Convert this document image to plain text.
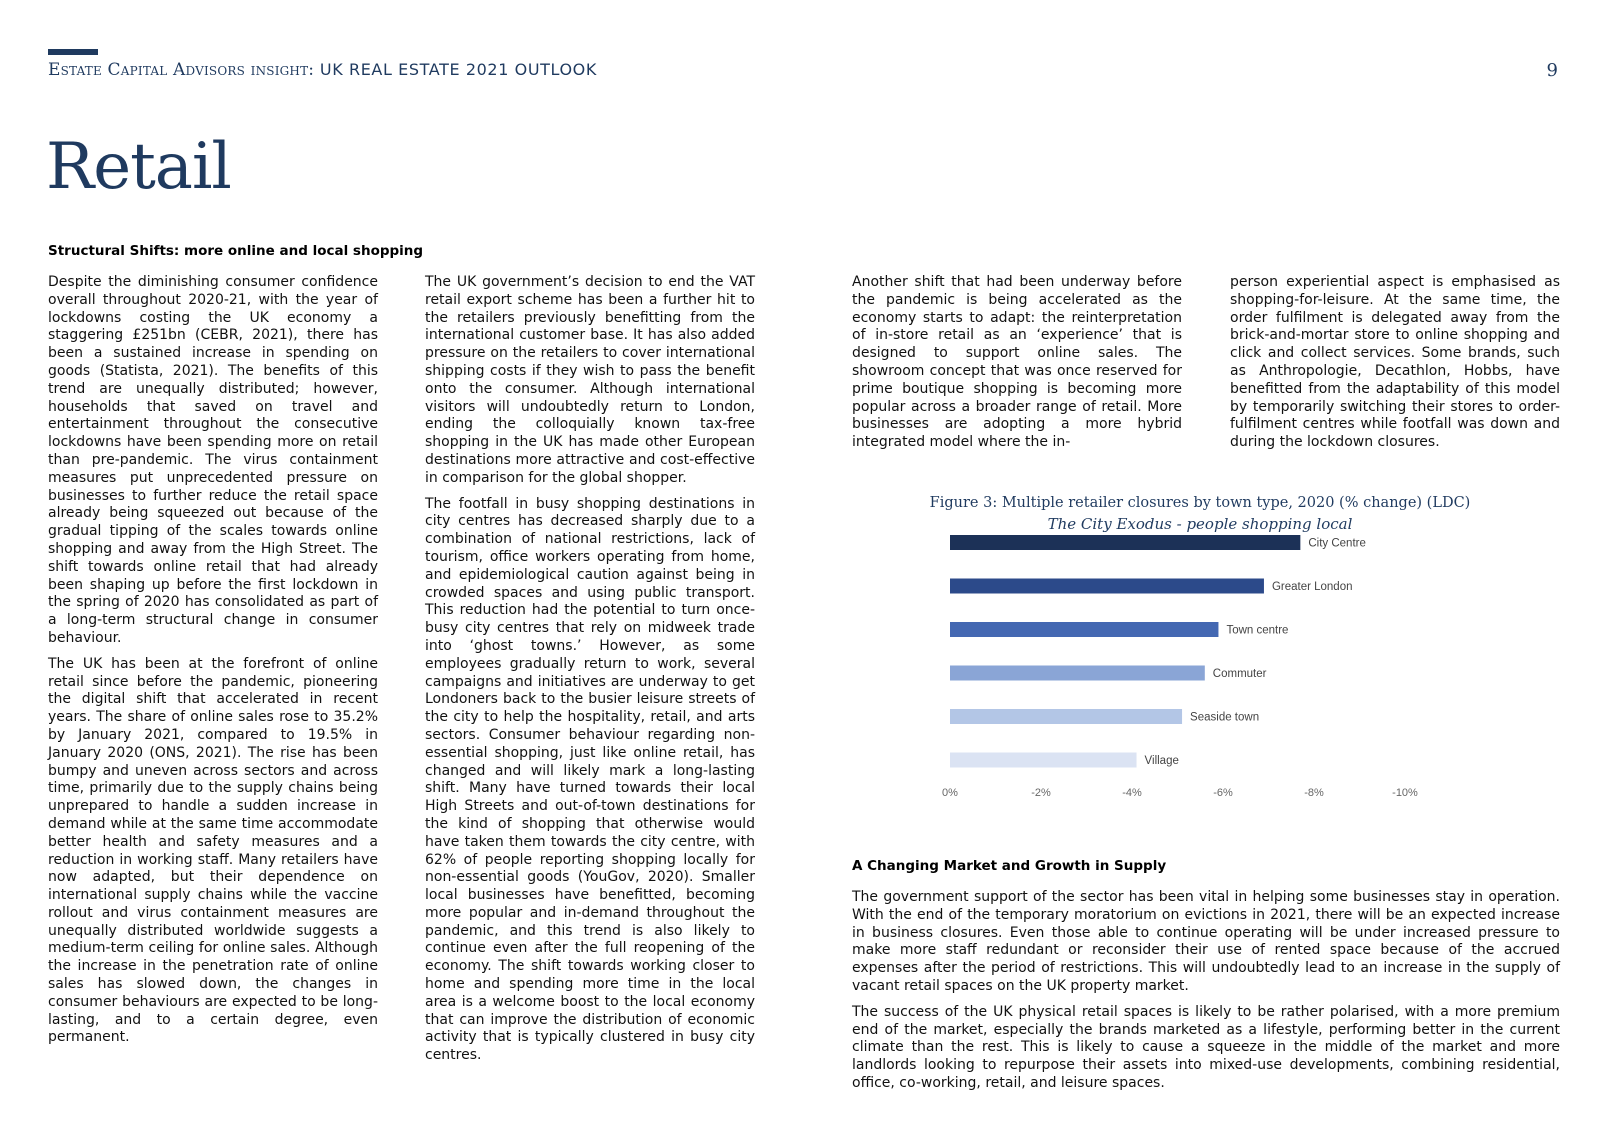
Estate Capital Advisors insight: UK REAL ESTATE 2021 OUTLOOK	9
Retail
Structural Shifts: more online and local shopping

Despite the diminishing consumer confidence overall throughout 2020-21, with the year of lockdowns costing the UK economy a staggering £251bn (CEBR, 2021), there has been a sustained increase in spending on goods (Statista, 2021). The benefits of this trend are unequally distributed; however, households that saved on travel and entertainment throughout the consecutive lockdowns have been spending more on retail than pre-pandemic. The virus containment measures put unprecedented pressure on businesses to further reduce the retail space already being squeezed out because of the gradual tipping of the scales towards online shopping and away from the High Street. The shift towards online retail that had already been shaping up before the first lockdown in the spring of 2020 has consolidated as part of a long-term structural change in consumer behaviour.

The UK has been at the forefront of online retail since before the pandemic, pioneering the digital shift that accelerated in recent years. The share of online sales rose to 35.2% by January 2021, compared to 19.5% in January 2020 (ONS, 2021). The rise has been bumpy and uneven across sectors and across time, primarily due to the supply chains being unprepared to handle a sudden increase in demand while at the same time accommodate better health and safety measures and a reduction in working staff. Many retailers have now adapted, but their dependence on international supply chains while the vaccine rollout and virus containment measures are unequally distributed worldwide suggests a medium-term ceiling for online sales. Although the increase in the penetration rate of online sales has slowed down, the changes in consumer behaviours are expected to be long-lasting, and to a certain degree, even permanent.

The UK government’s decision to end the VAT retail export scheme has been a further hit to the retailers previously benefitting from the international customer base. It has also added pressure on the retailers to cover international shipping costs if they wish to pass the benefit onto the consumer. Although international visitors will undoubtedly return to London, ending the colloquially known tax-free shopping in the UK has made other European destinations more attractive and cost-effective in comparison for the global shopper.

The footfall in busy shopping destinations in city centres has decreased sharply due to a combination of national restrictions, lack of tourism, office workers operating from home, and epidemiological caution against being in crowded spaces and using public transport. This reduction had the potential to turn once-busy city centres that rely on midweek trade into ‘ghost towns.’ However, as some employees gradually return to work, several campaigns and initiatives are underway to get Londoners back to the busier leisure streets of the city to help the hospitality, retail, and arts sectors. Consumer behaviour regarding non-essential shopping, just like online retail, has changed and will likely mark a long-lasting shift. Many have turned towards their local High Streets and out-of-town destinations for the kind of shopping that otherwise would have taken them towards the city centre, with 62% of people reporting shopping locally for non-essential goods (YouGov, 2020). Smaller local businesses have benefitted, becoming more popular and in-demand throughout the pandemic, and this trend is also likely to continue even after the full reopening of the economy. The shift towards working closer to home and spending more time in the local area is a welcome boost to the local economy that can improve the distribution of economic activity that is typically clustered in busy city centres.

Another shift that had been underway before the pandemic is being accelerated as the economy starts to adapt: the reinterpretation of in-store retail as an ‘experience’ that is designed to support online sales. The showroom concept that was once reserved for prime boutique shopping is becoming more popular across a broader range of retail. More businesses are adopting a more hybrid integrated model where the in-

person experiential aspect is emphasised as shopping-for-leisure. At the same time, the order fulfilment is delegated away from the brick-and-mortar store to online shopping and click and collect services. Some brands, such as Anthropologie, Decathlon, Hobbs, have benefitted from the adaptability of this model by temporarily switching their stores to order-fulfilment centres while footfall was down and during the lockdown closures.

Figure 3: Multiple retailer closures by town type, 2020 (% change) (LDC)
The City Exodus - people shopping local
City Centre
Greater London
Town centre
Commuter
Seaside town
Village
0%	-2%	-4%	-6%	-8%	-10%
A Changing Market and Growth in Supply

The government support of the sector has been vital in helping some businesses stay in operation. With the end of the temporary moratorium on evictions in 2021, there will be an expected increase in business closures. Even those able to continue operating will be under increased pressure to make more staff redundant or reconsider their use of rented space because of the accrued expenses after the period of restrictions. This will undoubtedly lead to an increase in the supply of vacant retail spaces on the UK property market.

The success of the UK physical retail spaces is likely to be rather polarised, with a more premium end of the market, especially the brands marketed as a lifestyle, performing better in the current climate than the rest. This is likely to cause a squeeze in the middle of the market and more landlords looking to repurpose their assets into mixed-use developments, combining residential, office, co-working, retail, and leisure spaces.
